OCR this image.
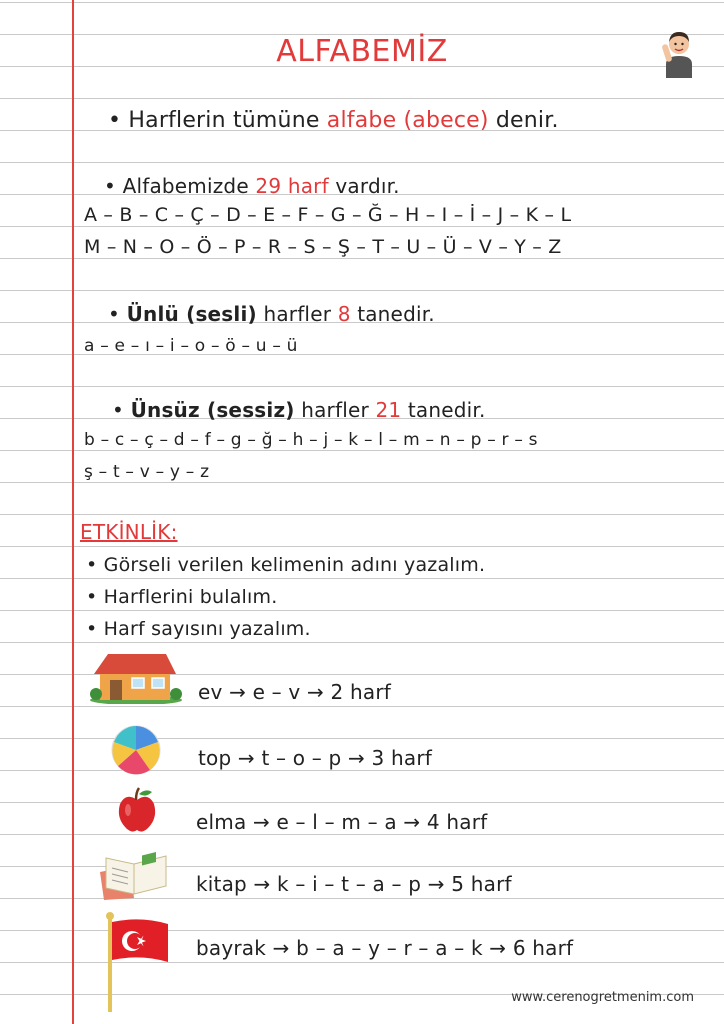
ALFABEMİZ
• Harflerin tümüne alfabe (abece) denir.
• Alfabemizde 29 harf vardır.
A – B – C – Ç – D – E – F – G – Ğ – H – I – İ – J – K – L
M – N – O – Ö – P – R – S – Ş – T – U – Ü – V – Y – Z
• Ünlü (sesli) harfler 8 tanedir.
a – e – ı – i – o – ö – u – ü
• Ünsüz (sessiz) harfler 21 tanedir.
b – c – ç – d – f – g – ğ – h – j – k – l – m – n – p – r – s
ş – t – v – y – z
ETKİNLİK:
• Görseli verilen kelimenin adını yazalım.
• Harflerini bulalım.
• Harf sayısını yazalım.
ev → e – v → 2 harf
top → t – o – p → 3 harf
elma → e – l – m – a → 4 harf
kitap → k – i – t – a – p → 5 harf
bayrak → b – a – y – r – a – k → 6 harf
www.cerenogretmenim.com
